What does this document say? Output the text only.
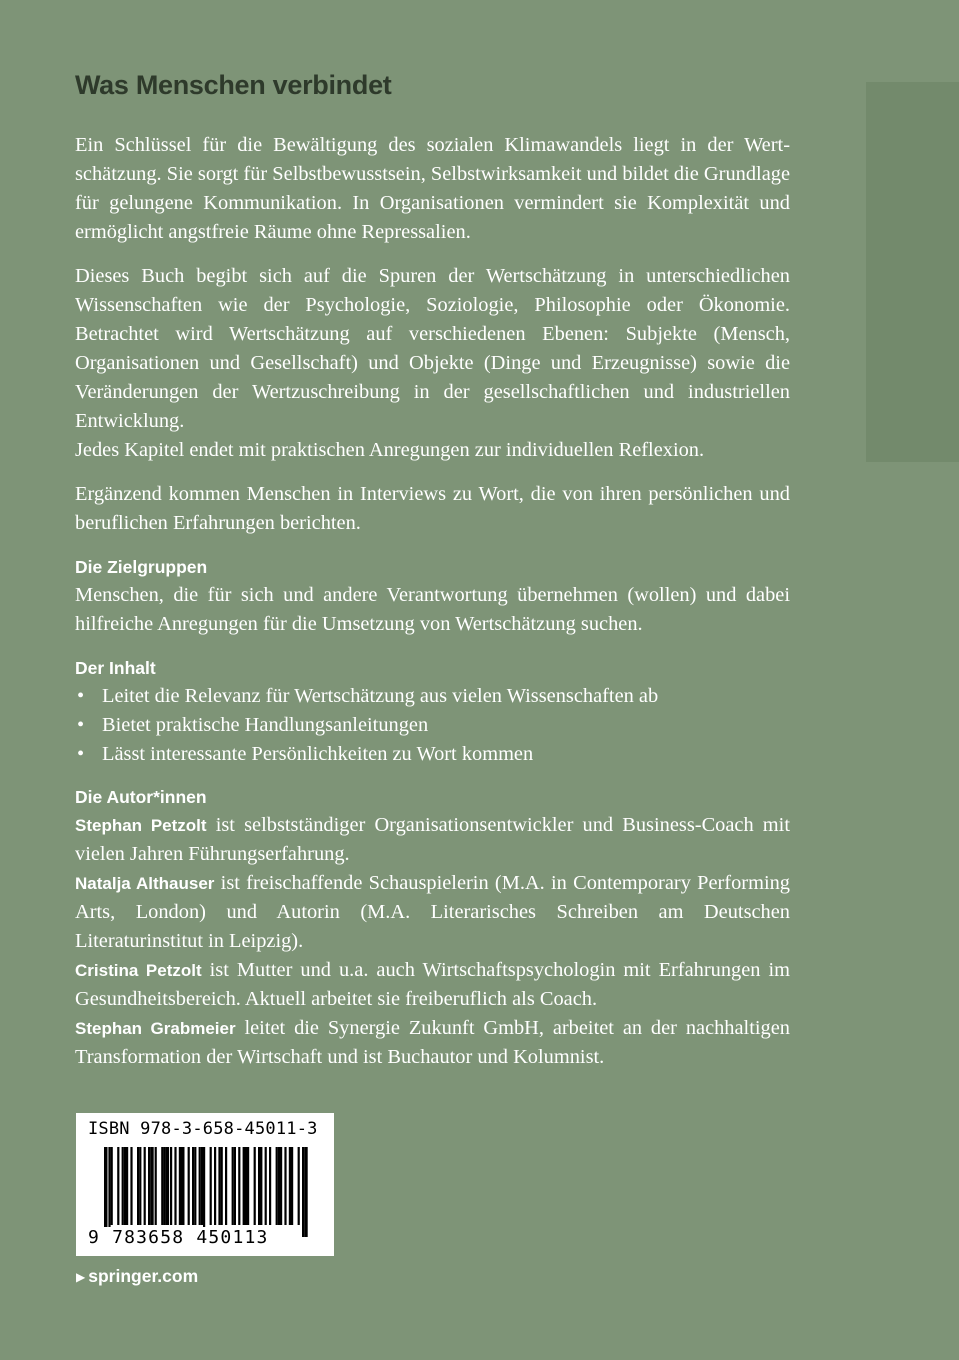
Was Menschen verbindet

Ein Schlüssel für die Bewältigung des sozialen Klimawandels liegt in der Wertschätzung. Sie sorgt für Selbstbewusstsein, Selbstwirksamkeit und bildet die Grundlage für gelungene Kommunikation. In Organisationen vermindert sie Komplexität und ermöglicht angstfreie Räume ohne Repressalien.

Dieses Buch begibt sich auf die Spuren der Wertschätzung in unterschiedlichen Wissenschaften wie der Psychologie, Soziologie, Philosophie oder Ökonomie. Betrachtet wird Wertschätzung auf verschiedenen Ebenen: Subjekte (Mensch, Organisationen und Gesellschaft) und Objekte (Dinge und Erzeugnisse) sowie die Veränderungen der Wertzuschreibung in der gesellschaftlichen und industriellen Entwicklung.

Jedes Kapitel endet mit praktischen Anregungen zur individuellen Reflexion.

Ergänzend kommen Menschen in Interviews zu Wort, die von ihren persönlichen und beruflichen Erfahrungen berichten.

Die Zielgruppen

Menschen, die für sich und andere Verantwortung übernehmen (wollen) und dabei hilfreiche Anregungen für die Umsetzung von Wertschätzung suchen.

Der Inhalt
• Leitet die Relevanz für Wertschätzung aus vielen Wissenschaften ab
• Bietet praktische Handlungsanleitungen
• Lässt interessante Persönlichkeiten zu Wort kommen
Die Autor*innen

Stephan Petzolt ist selbstständiger Organisationsentwickler und Business-Coach mit vielen Jahren Führungserfahrung.

Natalja Althauser ist freischaffende Schauspielerin (M.A. in Contemporary Performing Arts, London) und Autorin (M.A. Literarisches Schreiben am Deutschen Literaturinstitut in Leipzig).

Cristina Petzolt ist Mutter und u.a. auch Wirtschaftspsychologin mit Erfahrungen im Gesundheitsbereich. Aktuell arbeitet sie freiberuflich als Coach.

Stephan Grabmeier leitet die Synergie Zukunft GmbH, arbeitet an der nachhaltigen Transformation der Wirtschaft und ist Buchautor und Kolumnist.

ISBN 978-3-658-45011-3
9 783658 450113
▶ springer.com
